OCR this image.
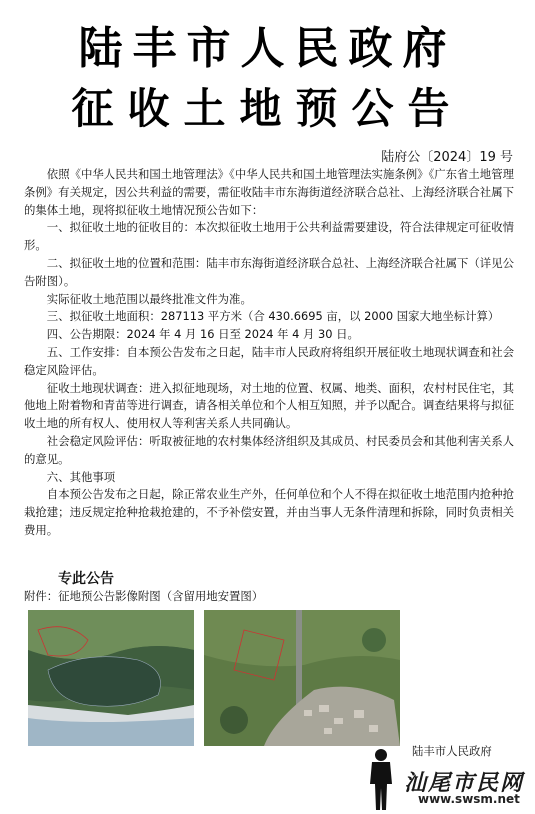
陆丰市人民政府
征收土地预公告
陆府公〔2024〕19 号

依照《中华人民共和国土地管理法》《中华人民共和国土地管理法实施条例》《广东省土地管理条例》有关规定，因公共利益的需要，需征收陆丰市东海街道经济联合总社、上海经济联合社属下的集体土地，现将拟征收土地情况预公告如下：

一、拟征收土地的征收目的：本次拟征收土地用于公共利益需要建设，符合法律规定可征收情形。

二、拟征收土地的位置和范围：陆丰市东海街道经济联合总社、上海经济联合社属下（详见公告附图）。

实际征收土地范围以最终批准文件为准。

三、拟征收土地面积：287113 平方米（合 430.6695 亩，以 2000 国家大地坐标计算）

四、公告期限：2024 年 4 月 16 日至 2024 年 4 月 30 日。

五、工作安排：自本预公告发布之日起，陆丰市人民政府将组织开展征收土地现状调查和社会稳定风险评估。

征收土地现状调查：进入拟征地现场，对土地的位置、权属、地类、面积，农村村民住宅，其他地上附着物和青苗等进行调查，请各相关单位和个人相互知照，并予以配合。调查结果将与拟征收土地的所有权人、使用权人等利害关系人共同确认。

社会稳定风险评估：听取被征地的农村集体经济组织及其成员、村民委员会和其他利害关系人的意见。

六、其他事项

自本预公告发布之日起，除正常农业生产外，任何单位和个人不得在拟征收土地范围内抢种抢栽抢建；违反规定抢种抢栽抢建的，不予补偿安置，并由当事人无条件清理和拆除，同时负责相关费用。

专此公告
附件：征地预公告影像附图（含留用地安置图）
陆丰市人民政府
汕尾市民网
www.swsm.net
